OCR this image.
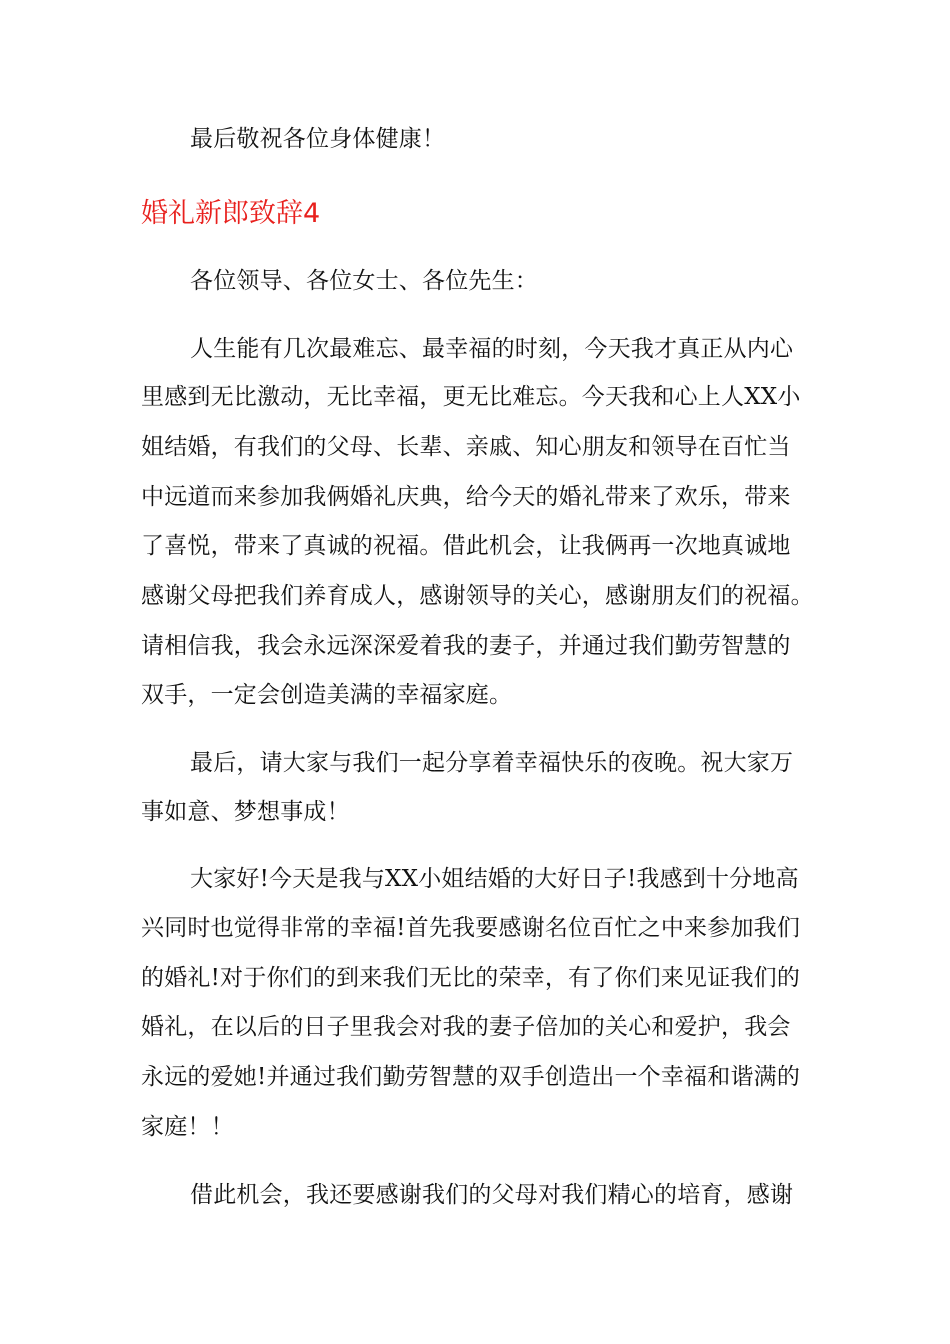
最后敬祝各位身体健康！
婚礼新郎致辞4
各位领导、各位女士、各位先生：
人生能有几次最难忘、最幸福的时刻，今天我才真正从内心
里感到无比激动，无比幸福，更无比难忘。今天我和心上人XX小
姐结婚，有我们的父母、长辈、亲戚、知心朋友和领导在百忙当
中远道而来参加我俩婚礼庆典，给今天的婚礼带来了欢乐，带来
了喜悦，带来了真诚的祝福。借此机会，让我俩再一次地真诚地
感谢父母把我们养育成人，感谢领导的关心，感谢朋友们的祝福。
请相信我，我会永远深深爱着我的妻子，并通过我们勤劳智慧的
双手，一定会创造美满的幸福家庭。
最后，请大家与我们一起分享着幸福快乐的夜晚。祝大家万
事如意、梦想事成！
大家好!今天是我与XX小姐结婚的大好日子!我感到十分地高
兴同时也觉得非常的幸福!首先我要感谢名位百忙之中来参加我们
的婚礼!对于你们的到来我们无比的荣幸，有了你们来见证我们的
婚礼，在以后的日子里我会对我的妻子倍加的关心和爱护，我会
永远的爱她!并通过我们勤劳智慧的双手创造出一个幸福和谐满的
家庭！！
借此机会，我还要感谢我们的父母对我们精心的培育，感谢
